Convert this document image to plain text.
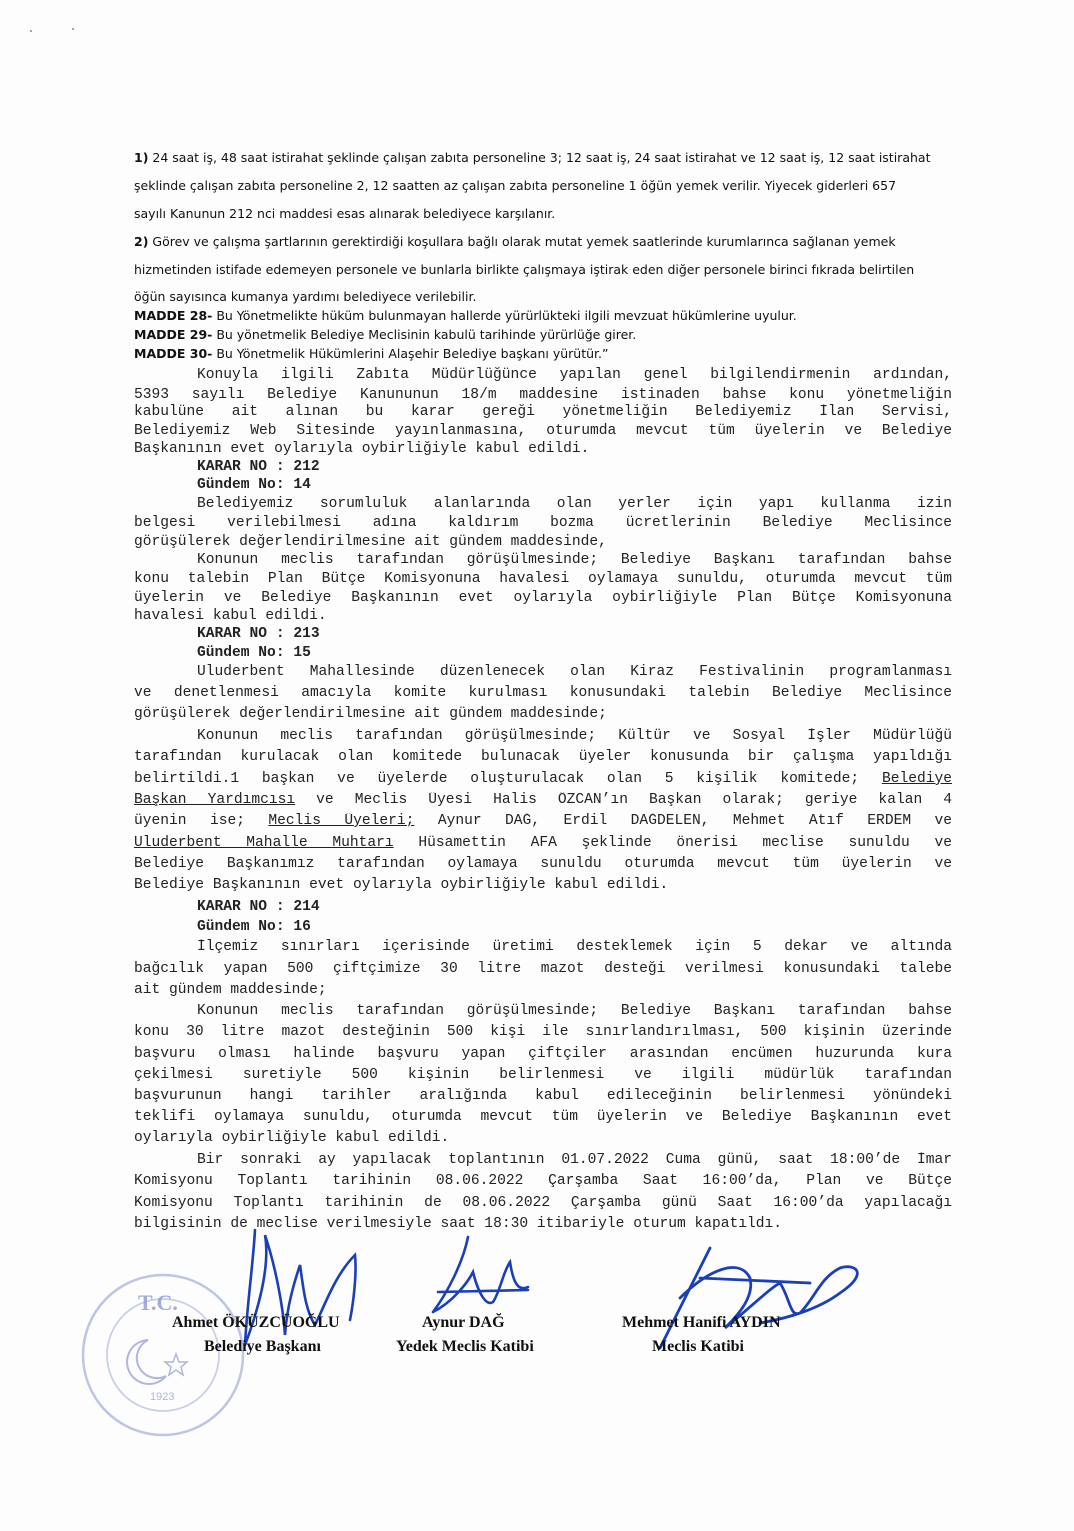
1) 24 saat iş, 48 saat istirahat şeklinde çalışan zabıta personeline 3; 12 saat iş, 24 saat istirahat ve 12 saat iş, 12 saat istirahat
şeklinde çalışan zabıta personeline 2, 12 saatten az çalışan zabıta personeline 1 öğün yemek verilir. Yiyecek giderleri 657
sayılı Kanunun 212 nci maddesi esas alınarak belediyece karşılanır.
2) Görev ve çalışma şartlarının gerektirdiği koşullara bağlı olarak mutat yemek saatlerinde kurumlarınca sağlanan yemek
hizmetinden istifade edemeyen personele ve bunlarla birlikte çalışmaya iştirak eden diğer personele birinci fıkrada belirtilen
öğün sayısınca kumanya yardımı belediyece verilebilir.
MADDE 28- Bu Yönetmelikte hüküm bulunmayan hallerde yürürlükteki ilgili mevzuat hükümlerine uyulur.
MADDE 29- Bu yönetmelik Belediye Meclisinin kabulü tarihinde yürürlüğe girer.
MADDE 30- Bu Yönetmelik Hükümlerini Alaşehir Belediye başkanı yürütür.”
Konuyla ilgili Zabıta Müdürlüğünce yapılan genel bilgilendirmenin ardından,
5393 sayılı Belediye Kanununun 18/m maddesine istinaden bahse konu yönetmeliğin
kabulüne ait alınan bu karar gereği yönetmeliğin Belediyemiz İlan Servisi,
Belediyemiz Web Sitesinde yayınlanmasına, oturumda mevcut tüm üyelerin ve Belediye
Başkanının evet oylarıyla oybirliğiyle kabul edildi.
KARAR NO : 212
Gündem No: 14
Belediyemiz sorumluluk alanlarında olan yerler için yapı kullanma izin
belgesi verilebilmesi adına kaldırım bozma ücretlerinin Belediye Meclisince
görüşülerek değerlendirilmesine ait gündem maddesinde,
Konunun meclis tarafından görüşülmesinde; Belediye Başkanı tarafından bahse
konu talebin Plan Bütçe Komisyonuna havalesi oylamaya sunuldu, oturumda mevcut tüm
üyelerin ve Belediye Başkanının evet oylarıyla oybirliğiyle Plan Bütçe Komisyonuna
havalesi kabul edildi.
KARAR NO : 213
Gündem No: 15
Uluderbent Mahallesinde düzenlenecek olan Kiraz Festivalinin programlanması
ve denetlenmesi amacıyla komite kurulması konusundaki talebin Belediye Meclisince
görüşülerek değerlendirilmesine ait gündem maddesinde;
Konunun meclis tarafından görüşülmesinde; Kültür ve Sosyal İşler Müdürlüğü
tarafından kurulacak olan komitede bulunacak üyeler konusunda bir çalışma yapıldığı
belirtildi.1 başkan ve üyelerde oluşturulacak olan 5 kişilik komitede; Belediye
Başkan Yardımcısı ve Meclis Üyesi Halis ÖZCAN’ın Başkan olarak; geriye kalan 4
üyenin ise; Meclis Üyeleri; Aynur DAĞ, Erdil DAĞDELEN, Mehmet Atıf ERDEM ve
Uluderbent Mahalle Muhtarı Hüsamettin AFA şeklinde önerisi meclise sunuldu ve
Belediye Başkanımız tarafından oylamaya sunuldu oturumda mevcut tüm üyelerin ve
Belediye Başkanının evet oylarıyla oybirliğiyle kabul edildi.
KARAR NO : 214
Gündem No: 16
İlçemiz sınırları içerisinde üretimi desteklemek için 5 dekar ve altında
bağcılık yapan 500 çiftçimize 30 litre mazot desteği verilmesi konusundaki talebe
ait gündem maddesinde;
Konunun meclis tarafından görüşülmesinde; Belediye Başkanı tarafından bahse
konu 30 litre mazot desteğinin 500 kişi ile sınırlandırılması, 500 kişinin üzerinde
başvuru olması halinde başvuru yapan çiftçiler arasından encümen huzurunda kura
çekilmesi suretiyle 500 kişinin belirlenmesi ve ilgili müdürlük tarafından
başvurunun hangi tarihler aralığında kabul edileceğinin belirlenmesi yönündeki
teklifi oylamaya sunuldu, oturumda mevcut tüm üyelerin ve Belediye Başkanının evet
oylarıyla oybirliğiyle kabul edildi.
Bir sonraki ay yapılacak toplantının 01.07.2022 Cuma günü, saat 18:00’de İmar
Komisyonu Toplantı tarihinin 08.06.2022 Çarşamba Saat 16:00’da, Plan ve Bütçe
Komisyonu Toplantı tarihinin de 08.06.2022 Çarşamba günü Saat 16:00’da yapılacağı
bilgisinin de meclise verilmesiyle saat 18:30 itibariyle oturum kapatıldı.
T.C.
1923
Ahmet ÖKÜZCÜOĞLU
Belediye Başkanı
Aynur DAĞ
Yedek Meclis Katibi
Mehmet Hanifi AYDIN
Meclis Katibi
